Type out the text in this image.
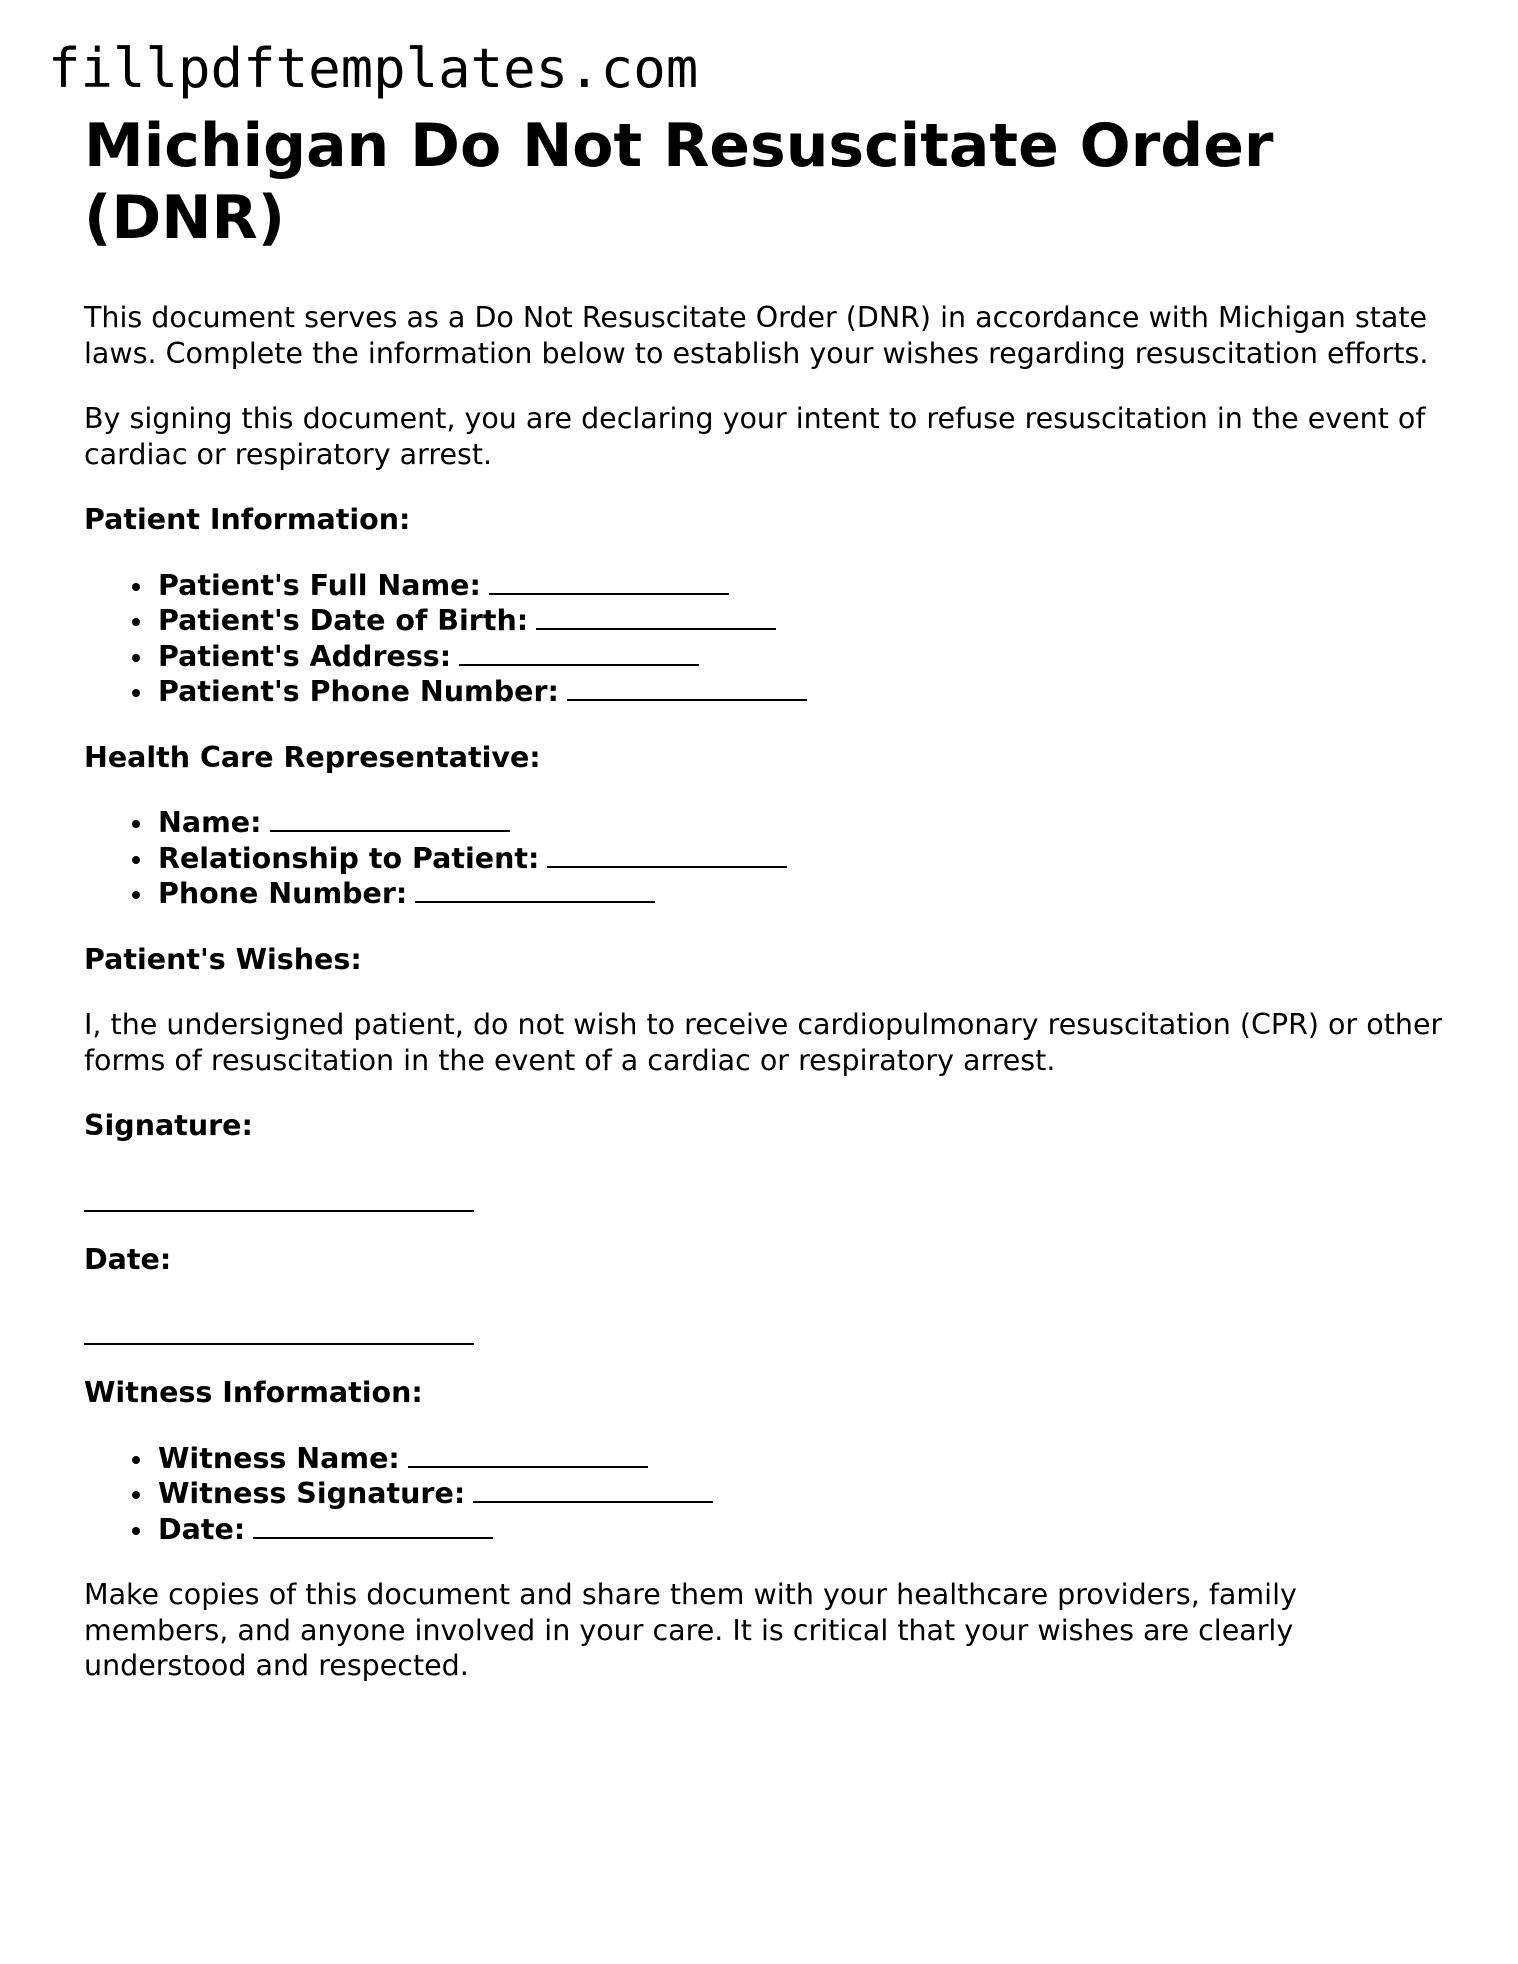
fillpdftemplates.com
Michigan Do Not Resuscitate Order (DNR)

This document serves as a Do Not Resuscitate Order (DNR) in accordance with Michigan state laws. Complete the information below to establish your wishes regarding resuscitation efforts.

By signing this document, you are declaring your intent to refuse resuscitation in the event of cardiac or respiratory arrest.

Patient Information:

Patient's Full Name:
Patient's Date of Birth:
Patient's Address:
Patient's Phone Number:

Health Care Representative:

Name:
Relationship to Patient:
Phone Number:

Patient's Wishes:

I, the undersigned patient, do not wish to receive cardiopulmonary resuscitation (CPR) or other forms of resuscitation in the event of a cardiac or respiratory arrest.

Signature:

Date:

Witness Information:

Witness Name:
Witness Signature:
Date:

Make copies of this document and share them with your healthcare providers, family members, and anyone involved in your care. It is critical that your wishes are clearly understood and respected.
